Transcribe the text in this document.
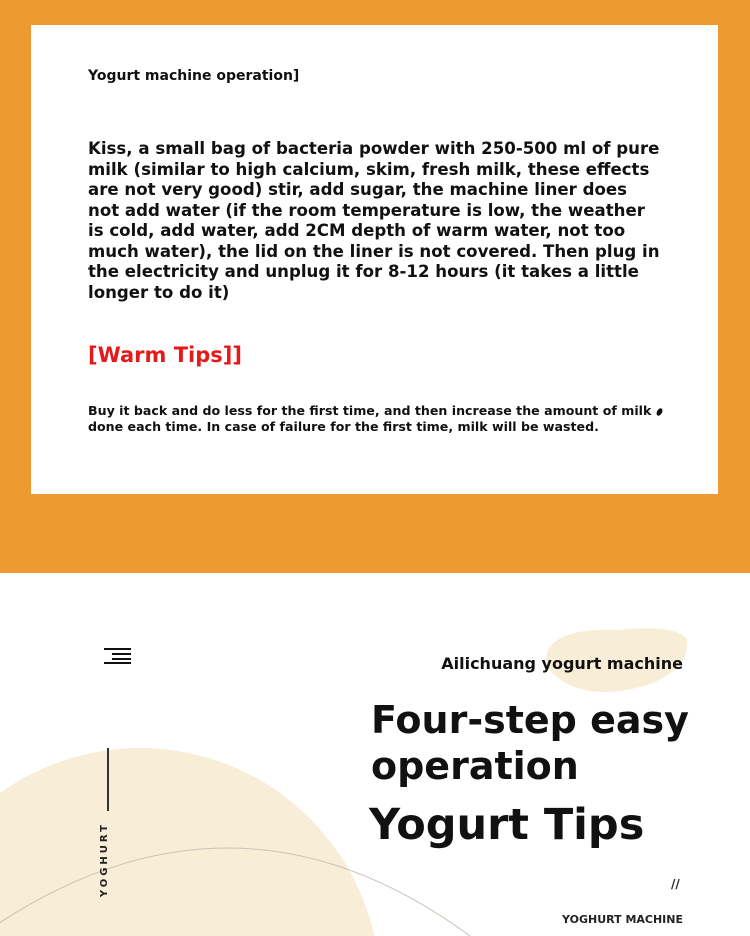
Yogurt machine operation]

Kiss, a small bag of bacteria powder with 250-500 ml of pure milk (similar to high calcium, skim, fresh milk, these effects are not very good) stir, add sugar, the machine liner does not add water (if the room temperature is low, the weather is cold, add water, add 2CM depth of warm water, not too much water), the lid on the liner is not covered. Then plug in the electricity and unplug it for 8-12 hours (it takes a little longer to do it)

[Warm Tips]]

Buy it back and do less for the first time, and then increase the amount of milk done each time. In case of failure for the first time, milk will be wasted.

YOGHURT

Ailichuang yogurt machine

Four-step easy operation

Yogurt Tips

//
YOGHURT MACHINE
